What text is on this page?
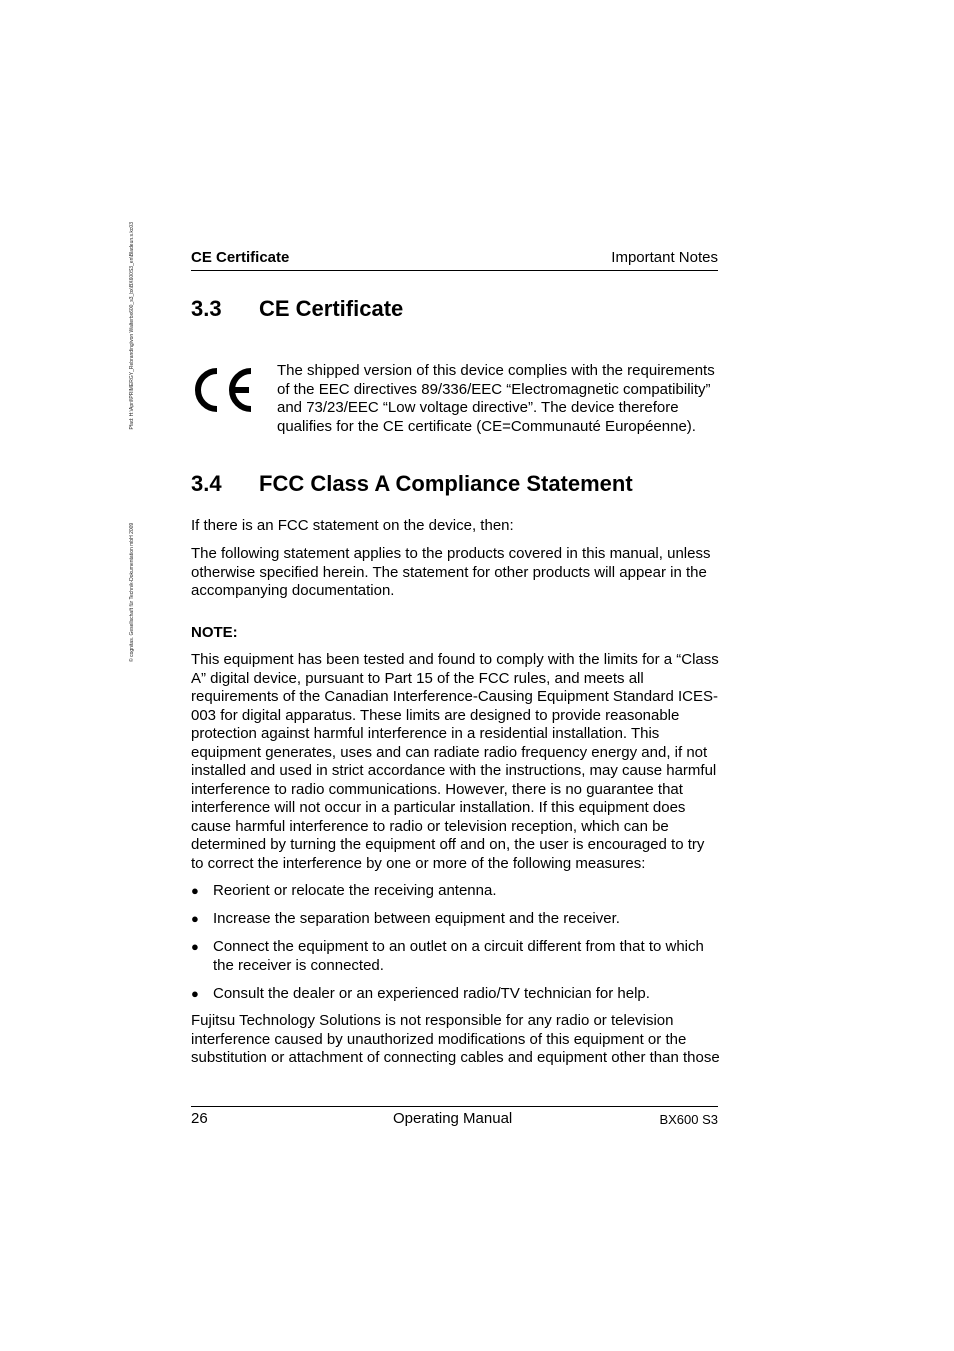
© cognitas. Gesellschaft für Technik-Dokumentation mbH 2009
Pfad: H:\April\PRIMERGY_Rebranding\von Walterbx600_s3_bx\BX600S3_en\Bladeun.s.kc03	CE Certificate	Important Notes
3.3 CE Certificate
The shipped version of this device complies with the requirements of the EEC directives 89/336/EEC “Electromagnetic compatibility” and 73/23/EEC “Low voltage directive”. The device therefore qualifies for the CE certificate (CE=Communauté Européenne).
3.4 FCC Class A Compliance Statement
If there is an FCC statement on the device, then:
The following statement applies to the products covered in this manual, unless otherwise specified herein. The statement for other products will appear in the accompanying documentation.
NOTE:
This equipment has been tested and found to comply with the limits for a “Class A” digital device, pursuant to Part 15 of the FCC rules, and meets all requirements of the Canadian Interference-Causing Equipment Standard ICES-003 for digital apparatus. These limits are designed to provide reasonable protection against harmful interference in a residential installation. This equipment generates, uses and can radiate radio frequency energy and, if not installed and used in strict accordance with the instructions, may cause harmful interference to radio communications. However, there is no guarantee that interference will not occur in a particular installation. If this equipment does cause harmful interference to radio or television reception, which can be determined by turning the equipment off and on, the user is encouraged to try to correct the interference by one or more of the following measures:
● Reorient or relocate the receiving antenna.
● Increase the separation between equipment and the receiver.
● Connect the equipment to an outlet on a circuit different from that to which the receiver is connected.
● Consult the dealer or an experienced radio/TV technician for help.
Fujitsu Technology Solutions is not responsible for any radio or television interference caused by unauthorized modifications of this equipment or the substitution or attachment of connecting cables and equipment other than those
26	Operating Manual	BX600 S3
